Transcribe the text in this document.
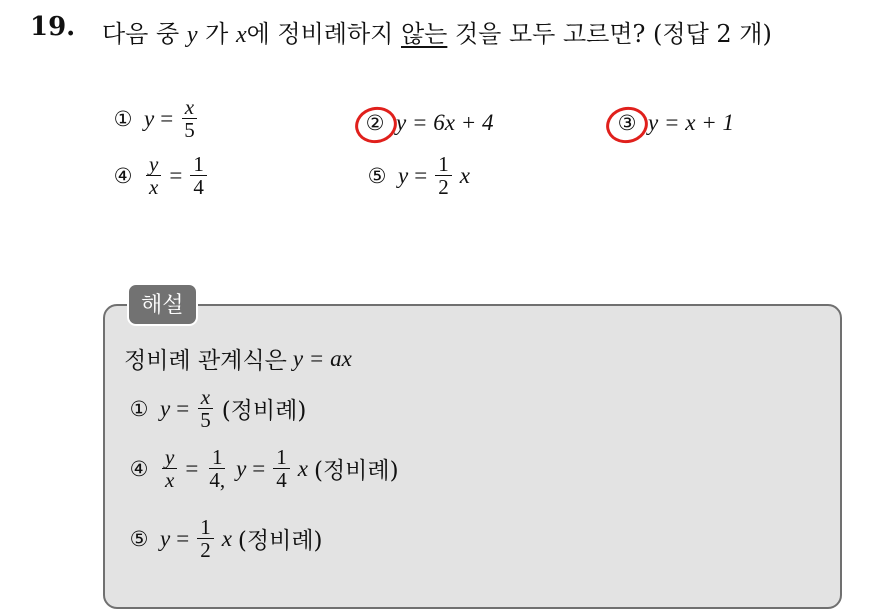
19. 다음 중 y 가 x에 정비례하지 않는 것을 모두 고르면? (정답 2 개)
① $y = \frac{x}{5}$	② y = 6x + 4	③ y = x + 1
④ $\frac{y}{x} = \frac{1}{4}$	⑤ $y = \frac{1}{2}$ x
해설
정비례 관계식은 y = ax
① $y = \frac{x}{5}$ (정비례)
④ $\frac{y}{x} = \frac{1}{4,}$ $y = \frac{1}{4}$ x (정비례)
⑤ $y = \frac{1}{2}$ x (정비례)
